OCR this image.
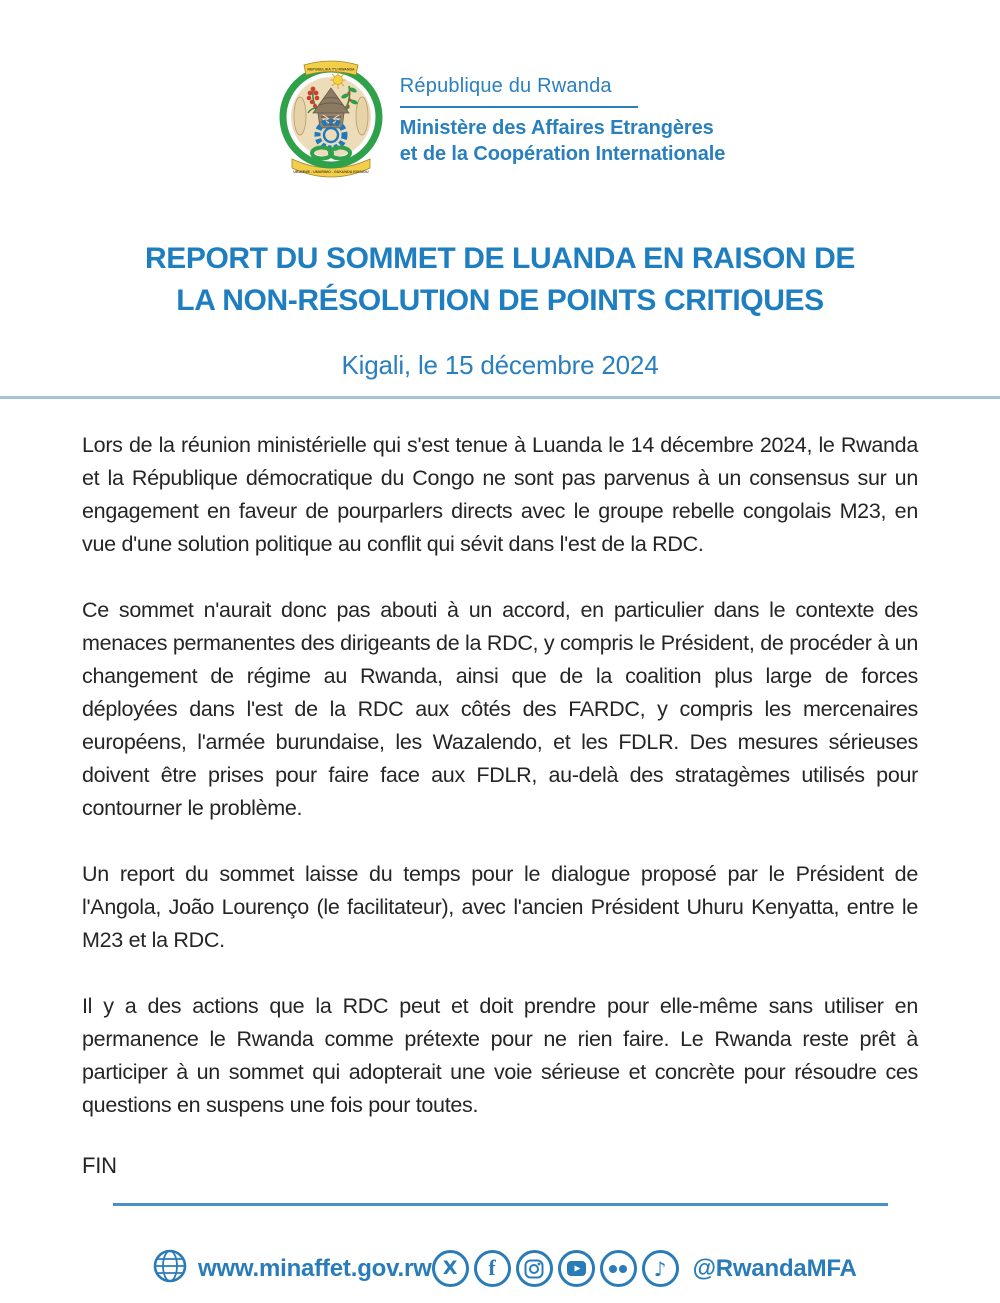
REPUBULIKA Y'U RWANDA
UBUMWE - UMURIMO - GUKUNDA IGIHUGU
République du Rwanda
Ministère des Affaires Etrangères
et de la Coopération Internationale
REPORT DU SOMMET DE LUANDA EN RAISON DE
LA NON-RÉSOLUTION DE POINTS CRITIQUES
Kigali, le 15 décembre 2024

Lors de la réunion ministérielle qui s'est tenue à Luanda le 14 décembre 2024, le Rwanda et la République démocratique du Congo ne sont pas parvenus à un consensus sur un engagement en faveur de pourparlers directs avec le groupe rebelle congolais M23, en vue d'une solution politique au conflit qui sévit dans l'est de la RDC.

Ce sommet n'aurait donc pas abouti à un accord, en particulier dans le contexte des menaces permanentes des dirigeants de la RDC, y compris le Président, de procéder à un changement de régime au Rwanda, ainsi que de la coalition plus large de forces déployées dans l'est de la RDC aux côtés des FARDC, y compris les mercenaires européens, l'armée burundaise, les Wazalendo, et les FDLR. Des mesures sérieuses doivent être prises pour faire face aux FDLR, au-delà des stratagèmes utilisés pour contourner le problème.

Un report du sommet laisse du temps pour le dialogue proposé par le Président de l'Angola, João Lourenço (le facilitateur), avec l'ancien Président Uhuru Kenyatta, entre le M23 et la RDC.

Il y a des actions que la RDC peut et doit prendre pour elle-même sans utiliser en permanence le Rwanda comme prétexte pour ne rien faire. Le Rwanda reste prêt à participer à un sommet qui adopterait une voie sérieuse et concrète pour résoudre ces questions en suspens une fois pour toutes.

FIN
www.minaffet.gov.rw X f	♪ @RwandaMFA
